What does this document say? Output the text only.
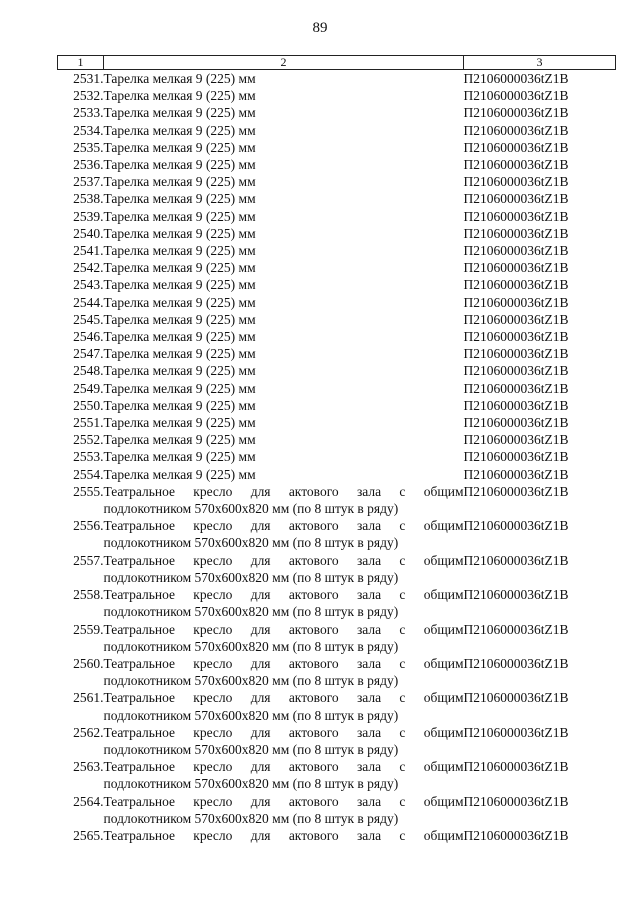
89
1	2	3
2531.	Тарелка мелкая 9 (225) мм	П2106000036tZ1B
2532.	Тарелка мелкая 9 (225) мм	П2106000036tZ1B
2533.	Тарелка мелкая 9 (225) мм	П2106000036tZ1B
2534.	Тарелка мелкая 9 (225) мм	П2106000036tZ1B
2535.	Тарелка мелкая 9 (225) мм	П2106000036tZ1B
2536.	Тарелка мелкая 9 (225) мм	П2106000036tZ1B
2537.	Тарелка мелкая 9 (225) мм	П2106000036tZ1B
2538.	Тарелка мелкая 9 (225) мм	П2106000036tZ1B
2539.	Тарелка мелкая 9 (225) мм	П2106000036tZ1B
2540.	Тарелка мелкая 9 (225) мм	П2106000036tZ1B
2541.	Тарелка мелкая 9 (225) мм	П2106000036tZ1B
2542.	Тарелка мелкая 9 (225) мм	П2106000036tZ1B
2543.	Тарелка мелкая 9 (225) мм	П2106000036tZ1B
2544.	Тарелка мелкая 9 (225) мм	П2106000036tZ1B
2545.	Тарелка мелкая 9 (225) мм	П2106000036tZ1B
2546.	Тарелка мелкая 9 (225) мм	П2106000036tZ1B
2547.	Тарелка мелкая 9 (225) мм	П2106000036tZ1B
2548.	Тарелка мелкая 9 (225) мм	П2106000036tZ1B
2549.	Тарелка мелкая 9 (225) мм	П2106000036tZ1B
2550.	Тарелка мелкая 9 (225) мм	П2106000036tZ1B
2551.	Тарелка мелкая 9 (225) мм	П2106000036tZ1B
2552.	Тарелка мелкая 9 (225) мм	П2106000036tZ1B
2553.	Тарелка мелкая 9 (225) мм	П2106000036tZ1B
2554.	Тарелка мелкая 9 (225) мм	П2106000036tZ1B
2555.	Театральное кресло для актового зала с общим
подлокотником 570x600x820 мм (по 8 штук в ряду)	П2106000036tZ1B
2556.	Театральное кресло для актового зала с общим
подлокотником 570x600x820 мм (по 8 штук в ряду)	П2106000036tZ1B
2557.	Театральное кресло для актового зала с общим
подлокотником 570x600x820 мм (по 8 штук в ряду)	П2106000036tZ1B
2558.	Театральное кресло для актового зала с общим
подлокотником 570x600x820 мм (по 8 штук в ряду)	П2106000036tZ1B
2559.	Театральное кресло для актового зала с общим
подлокотником 570x600x820 мм (по 8 штук в ряду)	П2106000036tZ1B
2560.	Театральное кресло для актового зала с общим
подлокотником 570x600x820 мм (по 8 штук в ряду)	П2106000036tZ1B
2561.	Театральное кресло для актового зала с общим
подлокотником 570x600x820 мм (по 8 штук в ряду)	П2106000036tZ1B
2562.	Театральное кресло для актового зала с общим
подлокотником 570x600x820 мм (по 8 штук в ряду)	П2106000036tZ1B
2563.	Театральное кресло для актового зала с общим
подлокотником 570x600x820 мм (по 8 штук в ряду)	П2106000036tZ1B
2564.	Театральное кресло для актового зала с общим
подлокотником 570x600x820 мм (по 8 штук в ряду)	П2106000036tZ1B
2565.	Театральное кресло для актового зала с общим	П2106000036tZ1B
